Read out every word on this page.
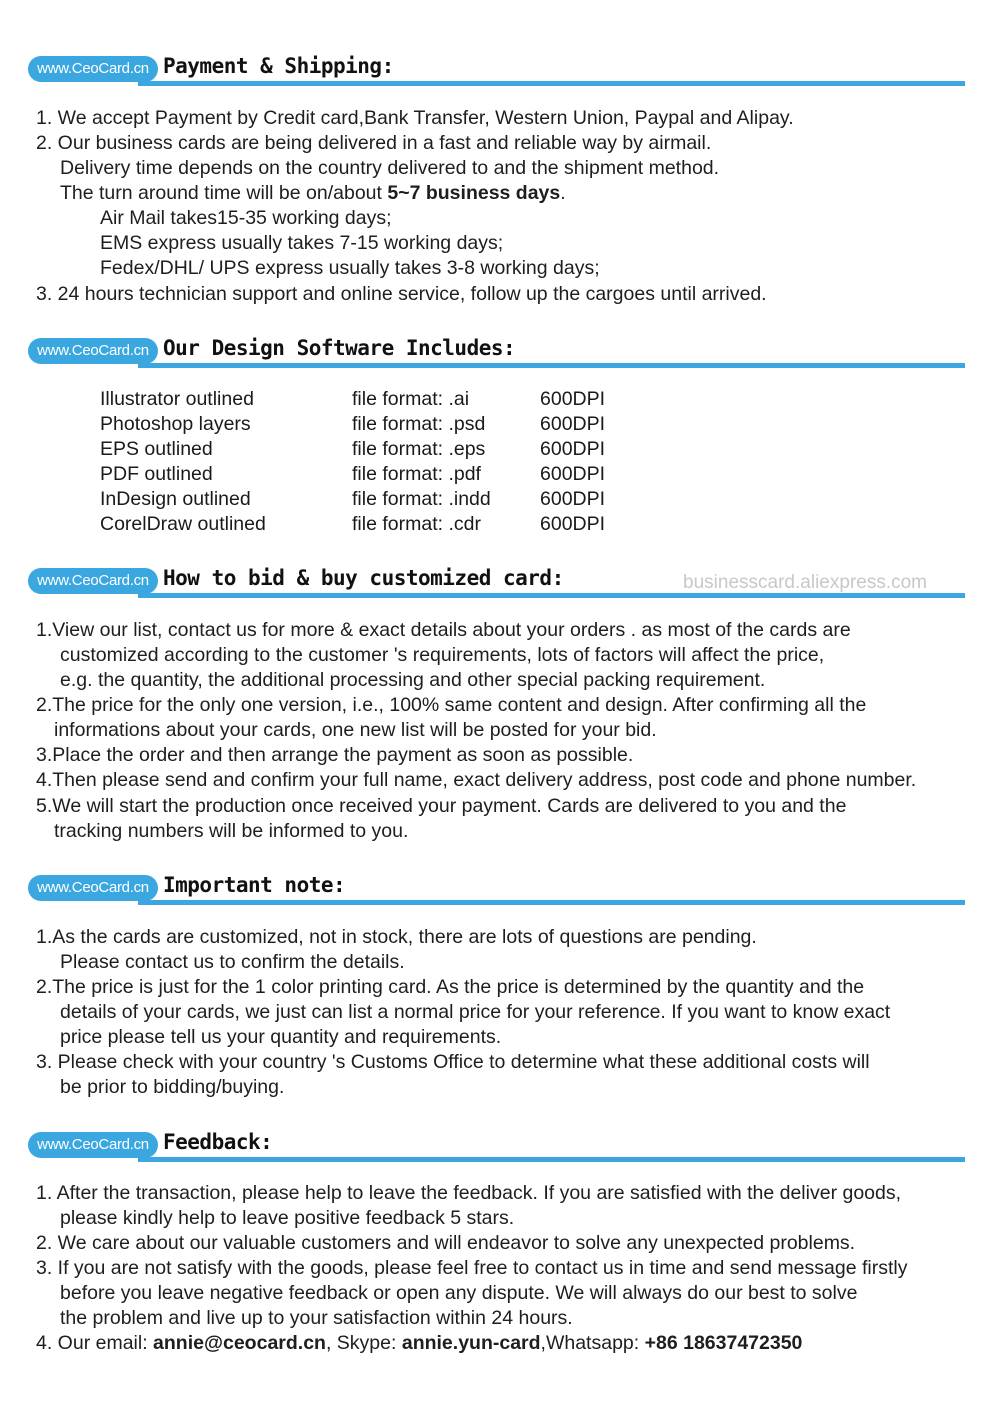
www.CeoCard.cn Payment & Shipping:
1. We accept Payment by Credit card,Bank Transfer, Western Union, Paypal and Alipay.
2. Our business cards are being delivered in a fast and reliable way by airmail.
Delivery time depends on the country delivered to and the shipment method.
The turn around time will be on/about 5~7 business days.
Air Mail takes15-35 working days;
EMS express usually takes 7-15 working days;
Fedex/DHL/ UPS express usually takes 3-8 working days;
3. 24 hours technician support and online service, follow up the cargoes until arrived.
www.CeoCard.cn Our Design Software Includes:
Illustrator outlined	file format: .ai	600DPI
Photoshop layers	file format: .psd	600DPI
EPS outlined	file format: .eps	600DPI
PDF outlined	file format: .pdf	600DPI
InDesign outlined	file format: .indd	600DPI
CorelDraw outlined	file format: .cdr	600DPI
www.CeoCard.cn How to bid & buy customized card:	businesscard.aliexpress.com
1.View our list, contact us for more & exact details about your orders . as most of the cards are
customized according to the customer 's requirements, lots of factors will affect the price,
e.g. the quantity, the additional processing and other special packing requirement.
2.The price for the only one version, i.e., 100% same content and design. After confirming all the
informations about your cards, one new list will be posted for your bid.
3.Place the order and then arrange the payment as soon as possible.
4.Then please send and confirm your full name, exact delivery address, post code and phone number.
5.We will start the production once received your payment. Cards are delivered to you and the
tracking numbers will be informed to you.
www.CeoCard.cn Important note:
1.As the cards are customized, not in stock, there are lots of questions are pending.
Please contact us to confirm the details.
2.The price is just for the 1 color printing card. As the price is determined by the quantity and the
details of your cards, we just can list a normal price for your reference. If you want to know exact
price please tell us your quantity and requirements.
3. Please check with your country 's Customs Office to determine what these additional costs will
be prior to bidding/buying.
www.CeoCard.cn Feedback:
1. After the transaction, please help to leave the feedback. If you are satisfied with the deliver goods,
please kindly help to leave positive feedback 5 stars.
2. We care about our valuable customers and will endeavor to solve any unexpected problems.
3. If you are not satisfy with the goods, please feel free to contact us in time and send message firstly
before you leave negative feedback or open any dispute. We will always do our best to solve
the problem and live up to your satisfaction within 24 hours.
4. Our email: annie@ceocard.cn, Skype: annie.yun-card,Whatsapp: +86 18637472350
